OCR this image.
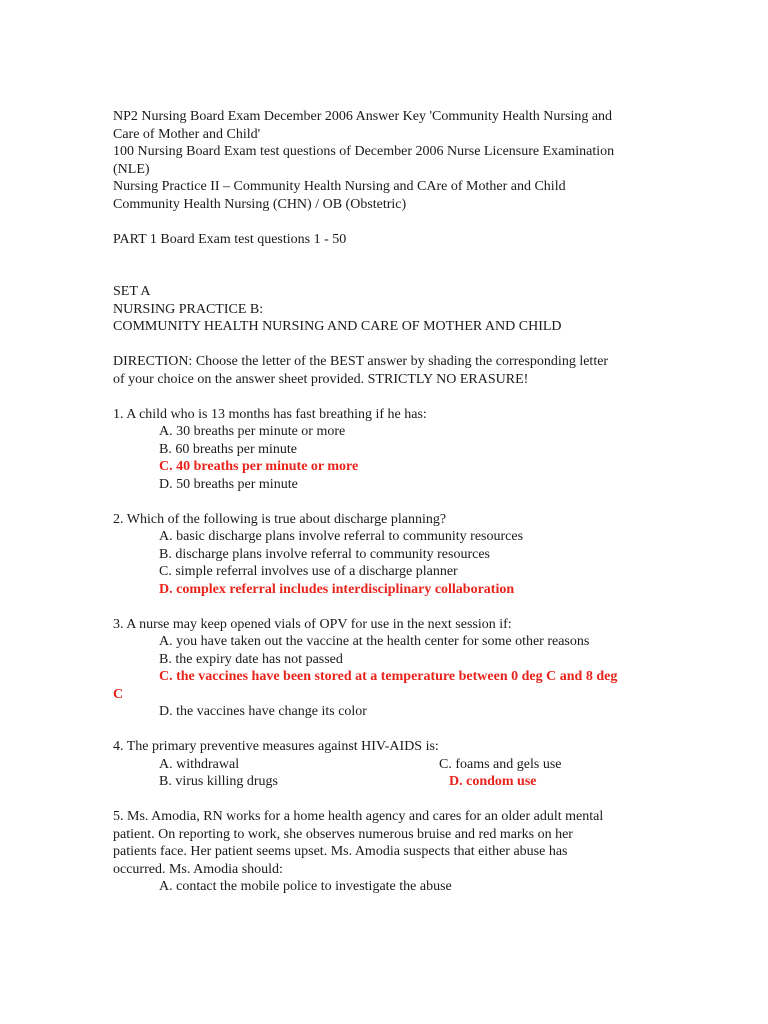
NP2 Nursing Board Exam December 2006 Answer Key 'Community Health Nursing and
Care of Mother and Child'
100 Nursing Board Exam test questions of December 2006 Nurse Licensure Examination
(NLE)
Nursing Practice II – Community Health Nursing and CAre of Mother and Child
Community Health Nursing (CHN) / OB (Obstetric)
PART 1 Board Exam test questions 1 - 50
SET A
NURSING PRACTICE B:
COMMUNITY HEALTH NURSING AND CARE OF MOTHER AND CHILD
DIRECTION: Choose the letter of the BEST answer by shading the corresponding letter
of your choice on the answer sheet provided. STRICTLY NO ERASURE!
1. A child who is 13 months has fast breathing if he has:
A. 30 breaths per minute or more
B. 60 breaths per minute
C. 40 breaths per minute or more
D. 50 breaths per minute
2. Which of the following is true about discharge planning?
A. basic discharge plans involve referral to community resources
B. discharge plans involve referral to community resources
C. simple referral involves use of a discharge planner
D. complex referral includes interdisciplinary collaboration
3. A nurse may keep opened vials of OPV for use in the next session if:
A. you have taken out the vaccine at the health center for some other reasons
B. the expiry date has not passed
C. the vaccines have been stored at a temperature between 0 deg C and 8 deg
C
D. the vaccines have change its color
4. The primary preventive measures against HIV-AIDS is:
A. withdrawal	C. foams and gels use
B. virus killing drugs	D. condom use
5. Ms. Amodia, RN works for a home health agency and cares for an older adult mental
patient. On reporting to work, she observes numerous bruise and red marks on her
patients face. Her patient seems upset. Ms. Amodia suspects that either abuse has
occurred. Ms. Amodia should:
A. contact the mobile police to investigate the abuse
